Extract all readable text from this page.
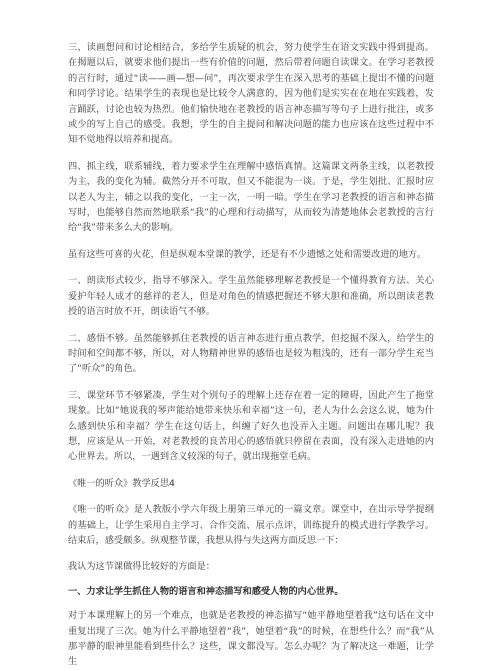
三、读画想问和讨论相结合，多给学生质疑的机会，努力使学生在语文实践中得到提高。在揭题以后，就要求他们提出一些有价值的问题，然后带着问题自读课文。在学习老教授的言行时，通过“读——画—想—问”，再次要求学生在深入思考的基础上提出不懂的问题和同学讨论。结果学生的表现也是比较令人满意的，因为他们是实实在在地在实践着，发言踊跃，讨论也较为热烈。他们愉快地在老教授的语言神态描写等句子上进行批注，或多或少的写上自己的感受。我想，学生的自主提问和解决问题的能力也应该在这些过程中不知不觉地得以培养和提高。

四、抓主线，联系辅线，着力要求学生在理解中感悟真情。这篇课文两条主线，以老教授为主，我的变化为辅。截然分开不可取，但又不能混为一谈。于是，学生划批、汇报时应以老人为主，辅之以我的变化，一主一次，一明一暗。学生在学习老教授的语言和神态描写时，也能够自然而然地联系“我”的心理和行动描写，从而较为清楚地体会老教授的言行给“我”带来多么大的影响。

虽有这些可喜的火花，但是纵观本堂课的教学，还是有不少遗憾之处和需要改进的地方。

一、朗读形式较少，指导不够深入。学生虽然能够理解老教授是一个懂得教育方法、关心爱护年轻人成才的慈祥的老人，但是对角色的情感把握还不够大胆和准确，所以朗读老教授的语言时放不开，朗读语气不够。

二、感悟不够。虽然能够抓住老教授的语言神态进行重点教学，但挖掘不深入，给学生的时间和空间都不够，所以，对人物精神世界的感悟也是较为粗浅的，还有一部分学生充当了“听众”的角色。

三、课堂环节不够紧凑，学生对个别句子的理解上还存在着一定的障碍，因此产生了拖堂现象。比如“她说我的琴声能给她带来快乐和幸福”这一句，老人为什么会这么说，她为什么感到快乐和幸福？学生在这句话上，纠缠了好久也没弄入主题。问题出在哪儿呢？我想，应该是从一开始，对老教授的良苦用心的感悟就只停留在表面，没有深入走进她的内心世界去。所以，一遇到含义较深的句子，就出现拖堂毛病。

《唯一的听众》教学反思4

《唯一的听众》是人教版小学六年级上册第三单元的一篇文章。课堂中，在出示导学提纲的基础上，让学生采用自主学习、合作交流、展示点评，训练提升的模式进行学教学习。结束后，感受颇多。纵观整节课，我想从得与失这两方面反思一下：

我认为这节课做得比较好的方面是：

一、力求让学生抓住人物的语言和神态描写和感受人物的内心世界。

对于本课理解上的另一个难点，也就是老教授的神态描写“她平静地望着我”这句话在文中重复出现了三次。她为什么平静地望着“我”，她望着“我”的时候，在想些什么？而“我”从那平静的眼神里能看到些什么？这些，课文都没写。怎么办呢？为了解决这一难题，让学生
